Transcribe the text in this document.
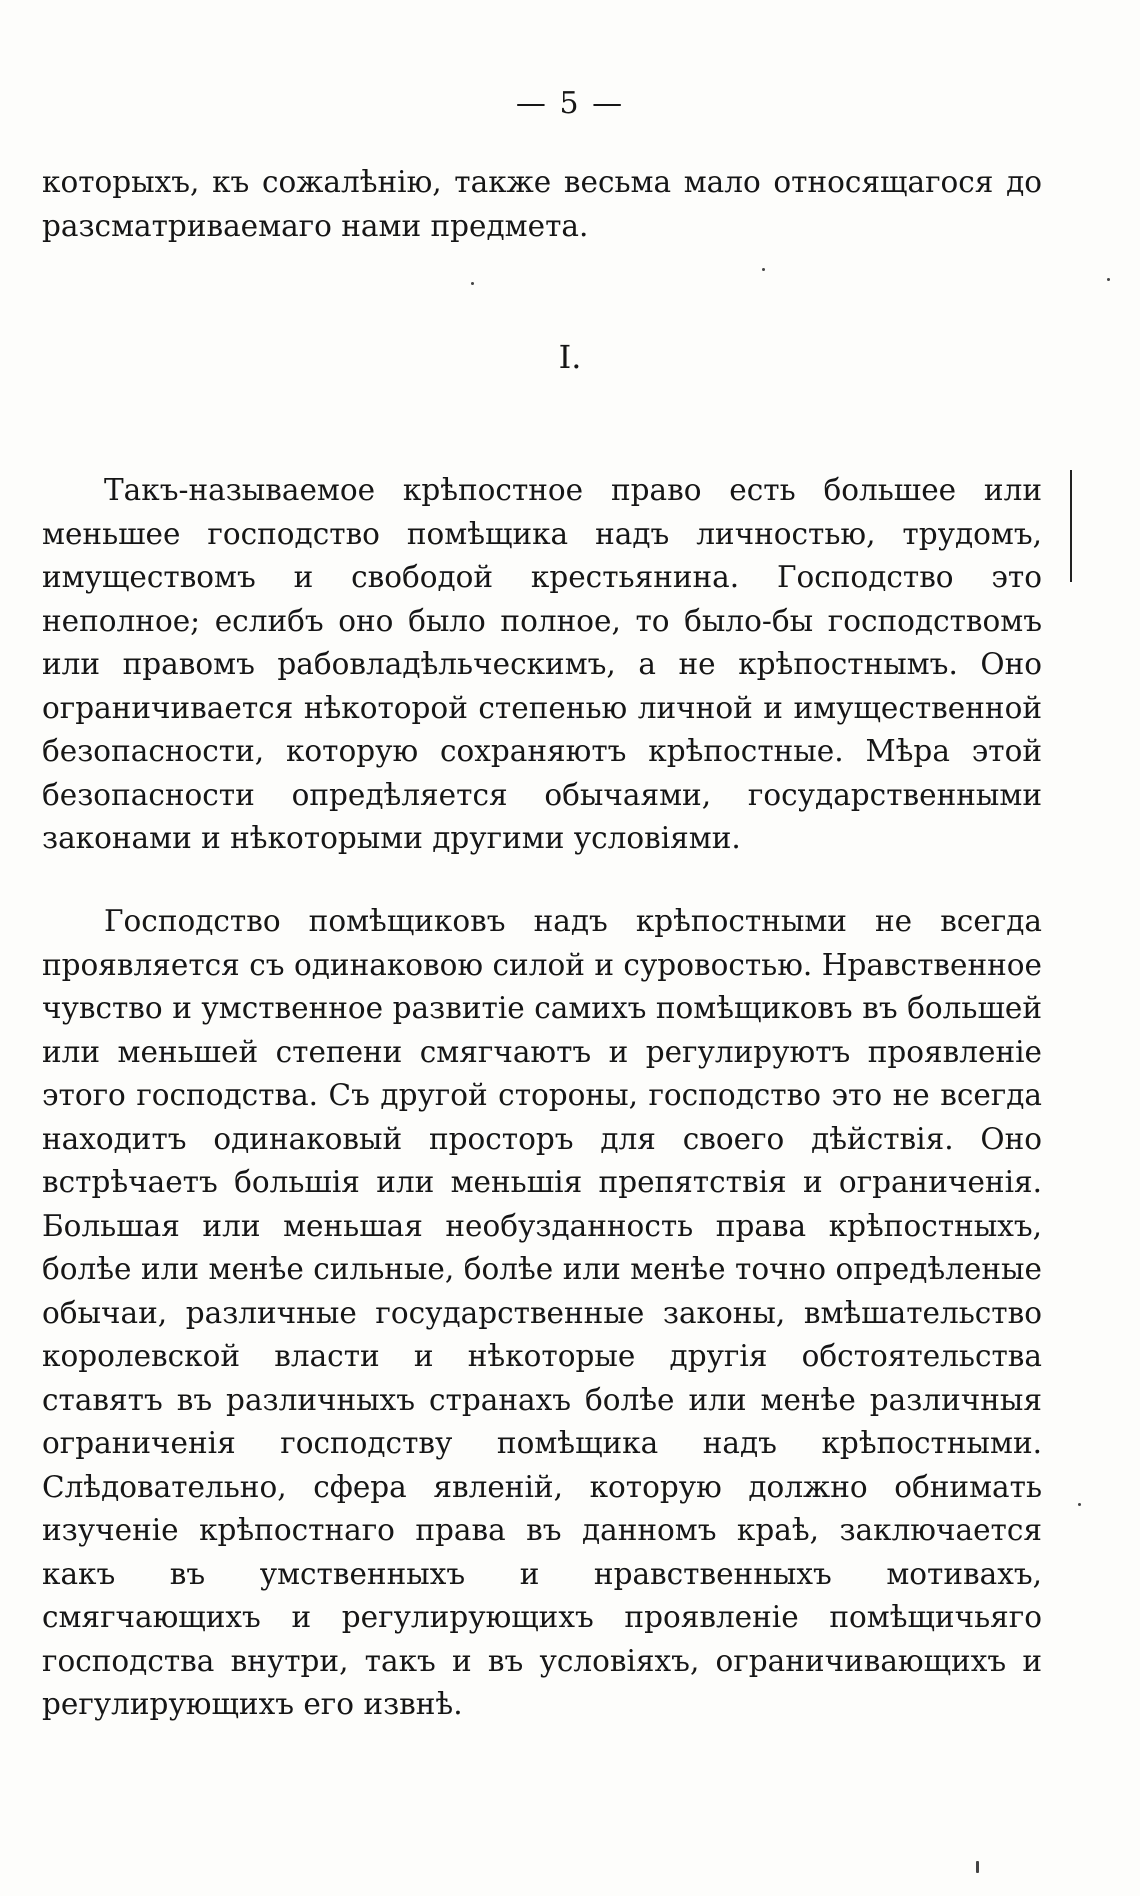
— 5 —

которыхъ, къ сожалѣнію, также весьма мало относящагося до разсматриваемаго нами предмета.

I.

Такъ-называемое крѣпостное право есть большее или меньшее господство помѣщика надъ личностью, трудомъ, имуществомъ и свободой крестьянина. Господство это неполное; еслибъ оно было полное, то было-бы господствомъ или правомъ рабовладѣльческимъ, а не крѣпостнымъ. Оно ограничивается нѣкоторой степенью личной и имущественной безопасности, которую сохраняютъ крѣпостные. Мѣра этой безопасности опредѣляется обычаями, государственными законами и нѣкоторыми другими условіями.

Господство помѣщиковъ надъ крѣпостными не всегда проявляется съ одинаковою силой и суровостью. Нравственное чувство и умственное развитіе самихъ помѣщиковъ въ большей или меньшей степени смягчаютъ и регулируютъ проявленіе этого господства. Съ другой стороны, господство это не всегда находитъ одинаковый просторъ для своего дѣйствія. Оно встрѣчаетъ большія или меньшія препятствія и ограниченія. Большая или меньшая необузданность права крѣпостныхъ, болѣе или менѣе сильные, болѣе или менѣе точно опредѣленые обычаи, различные государственные законы, вмѣшательство королевской власти и нѣкоторые другія обстоятельства ставятъ въ различныхъ странахъ болѣе или менѣе различныя ограниченія господству помѣщика надъ крѣпостными. Слѣдовательно, сфера явленій, которую должно обнимать изученіе крѣпостнаго права въ данномъ краѣ, заключается какъ въ умственныхъ и нравственныхъ мотивахъ, смягчающихъ и регулирующихъ проявленіе помѣщичьяго господства внутри, такъ и въ условіяхъ, ограничивающихъ и регулирующихъ его извнѣ.
